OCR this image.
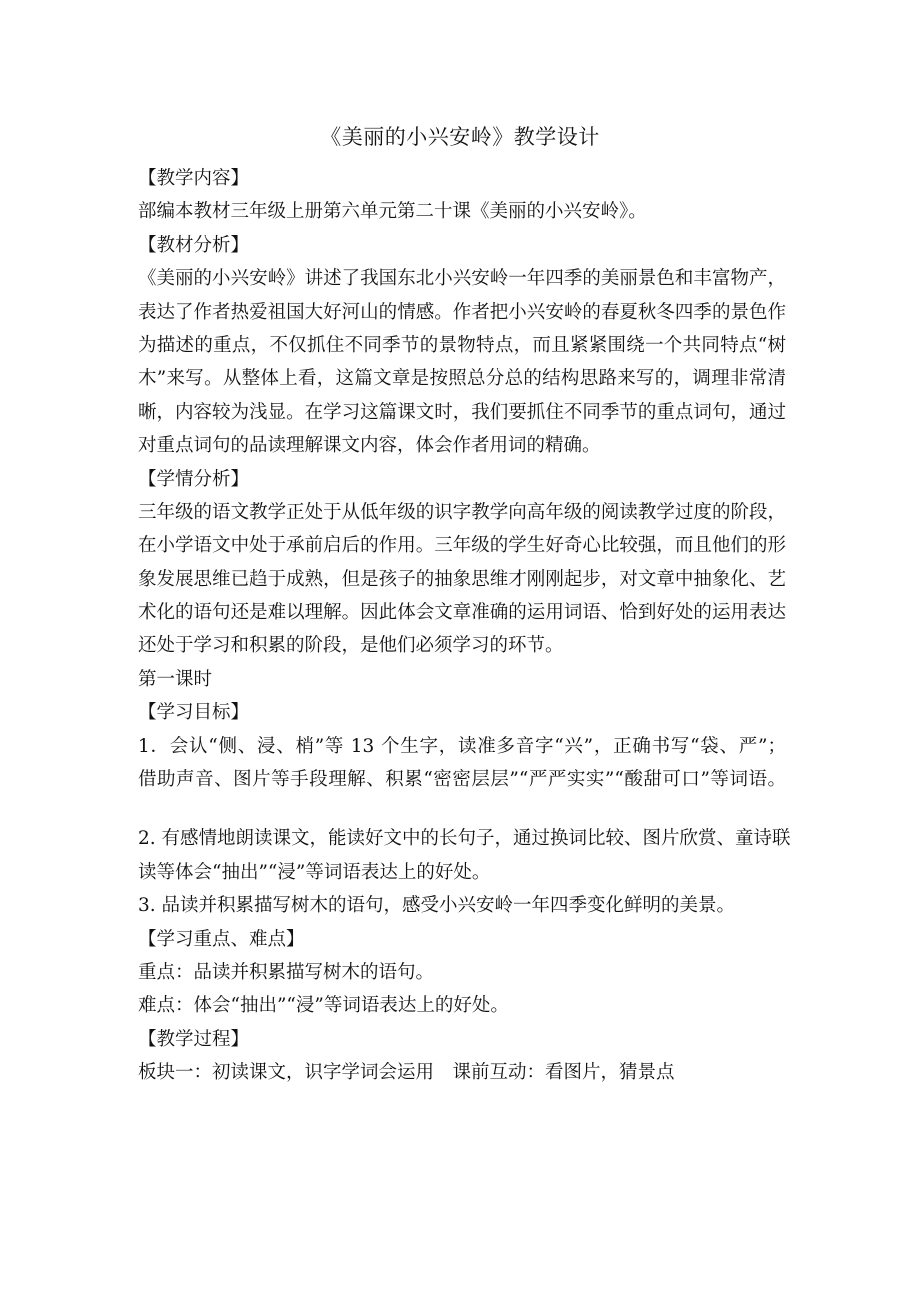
《美丽的小兴安岭》教学设计
【教学内容】
部编本教材三年级上册第六单元第二十课《美丽的小兴安岭》。
【教材分析】
《美丽的小兴安岭》讲述了我国东北小兴安岭一年四季的美丽景色和丰富物产，
表达了作者热爱祖国大好河山的情感。作者把小兴安岭的春夏秋冬四季的景色作
为描述的重点，不仅抓住不同季节的景物特点，而且紧紧围绕一个共同特点“树
木”来写。从整体上看，这篇文章是按照总分总的结构思路来写的，调理非常清
晰，内容较为浅显。在学习这篇课文时，我们要抓住不同季节的重点词句，通过
对重点词句的品读理解课文内容，体会作者用词的精确。
【学情分析】
三年级的语文教学正处于从低年级的识字教学向高年级的阅读教学过度的阶段，
在小学语文中处于承前启后的作用。三年级的学生好奇心比较强，而且他们的形
象发展思维已趋于成熟，但是孩子的抽象思维才刚刚起步，对文章中抽象化、艺
术化的语句还是难以理解。因此体会文章准确的运用词语、恰到好处的运用表达
还处于学习和积累的阶段，是他们必须学习的环节。
第一课时
【学习目标】
1．会认“侧、浸、梢”等 13 个生字，读准多音字“兴”，正确书写“袋、严”；
借助声音、图片等手段理解、积累“密密层层”“严严实实”“酸甜可口”等词语。
2. 有感情地朗读课文，能读好文中的长句子，通过换词比较、图片欣赏、童诗联
读等体会“抽出”“浸”等词语表达上的好处。
3. 品读并积累描写树木的语句，感受小兴安岭一年四季变化鲜明的美景。
【学习重点、难点】
重点：品读并积累描写树木的语句。
难点：体会“抽出”“浸”等词语表达上的好处。
【教学过程】
板块一：初读课文，识字学词会运用　课前互动：看图片，猜景点
